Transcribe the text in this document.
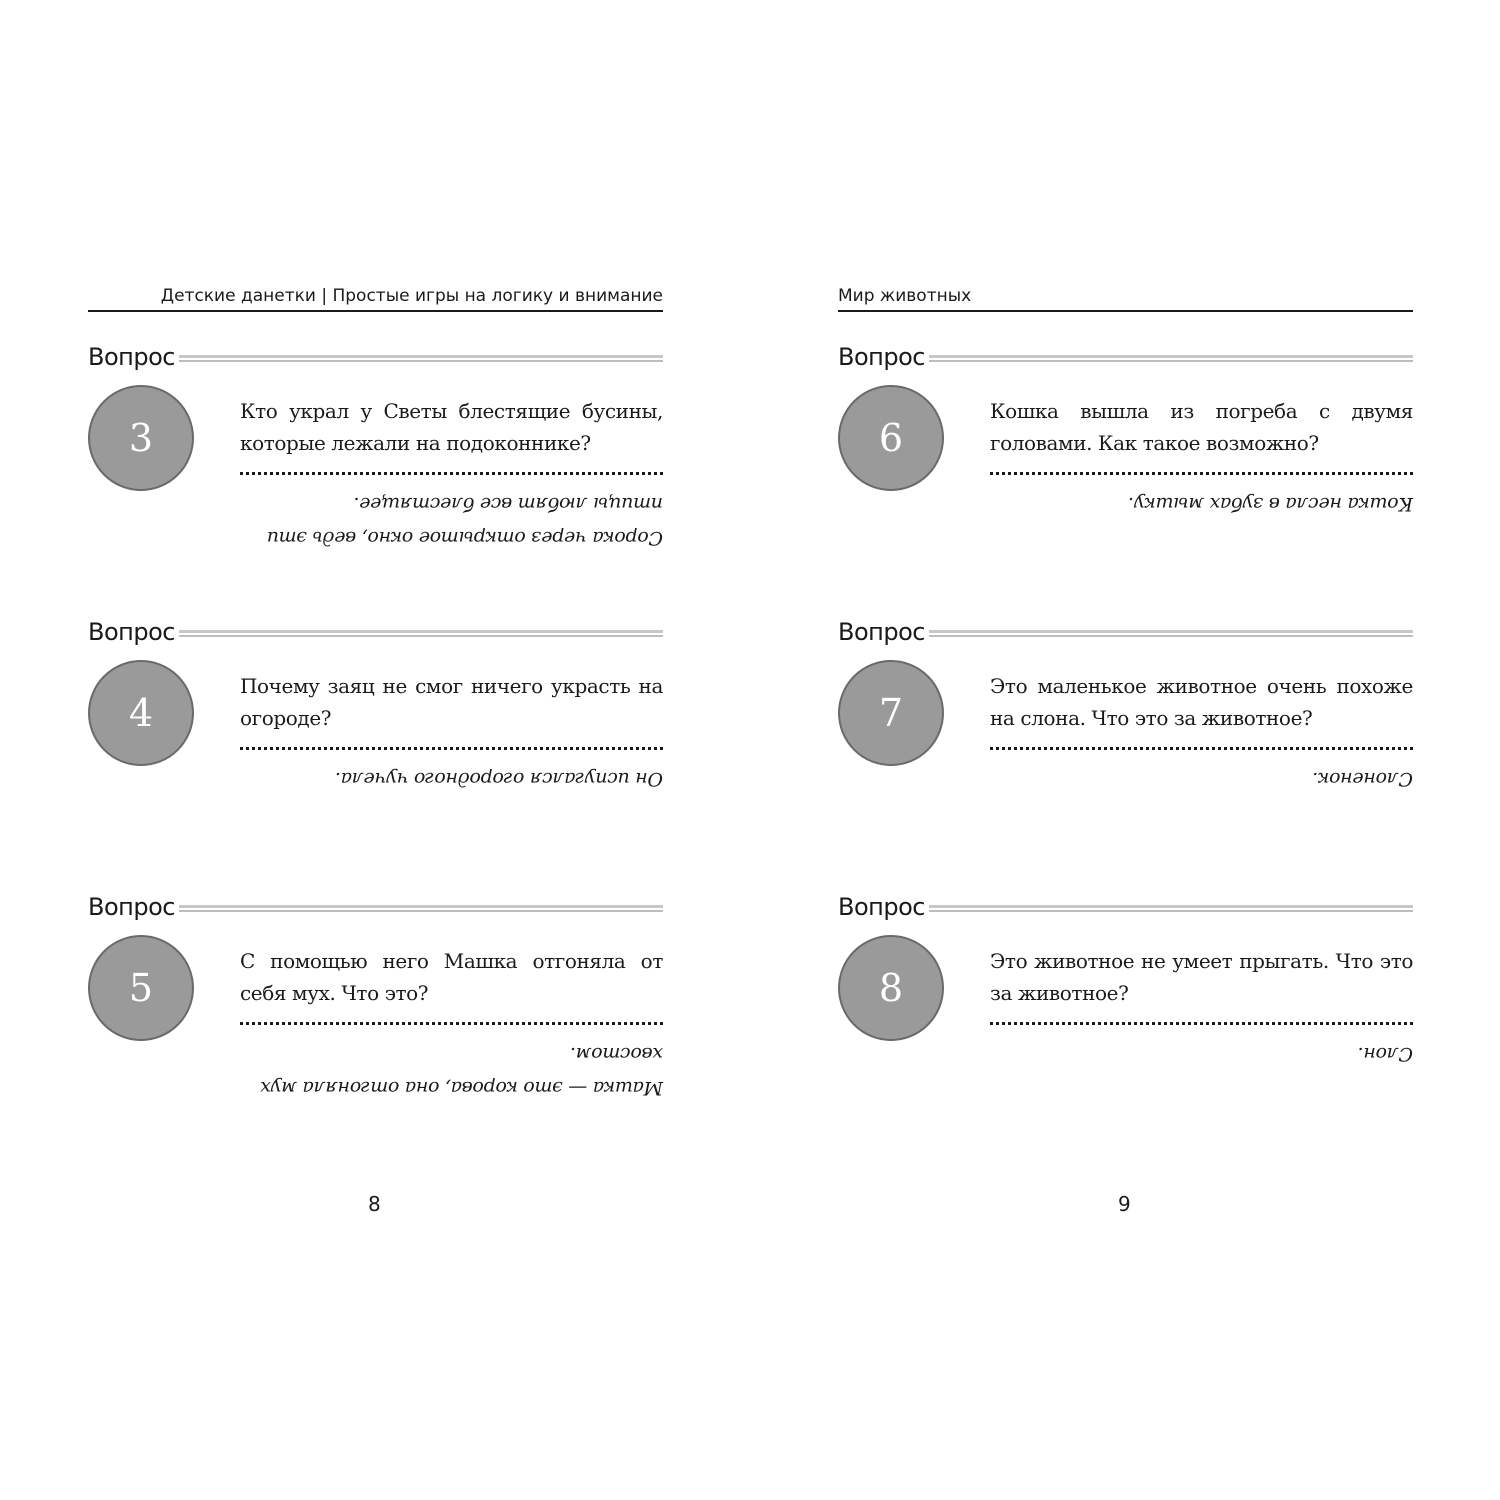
Детские данетки | Простые игры на логику и внимание
Вопрос
3
Кто украл у Светы блестящие бусины, которые лежали на подоконнике?
Сорока через открытое окно, ведь эти птицы любят все блестящее.
Вопрос
4
Почему заяц не смог ничего украсть на огороде?
Он испугался огородного чучела.
Вопрос
5
С помощью него Машка отгоняла от себя мух. Что это?
Машка — это корова, она отгоняла мух хвостом.
8
Мир животных
Вопрос
6
Кошка вышла из погреба с двумя головами. Как такое возможно?
Кошка несла в зубах мышку.
Вопрос
7
Это маленькое животное очень похоже на слона. Что это за животное?
Слоненок.
Вопрос
8
Это животное не умеет прыгать. Что это за животное?
Слон.
9
